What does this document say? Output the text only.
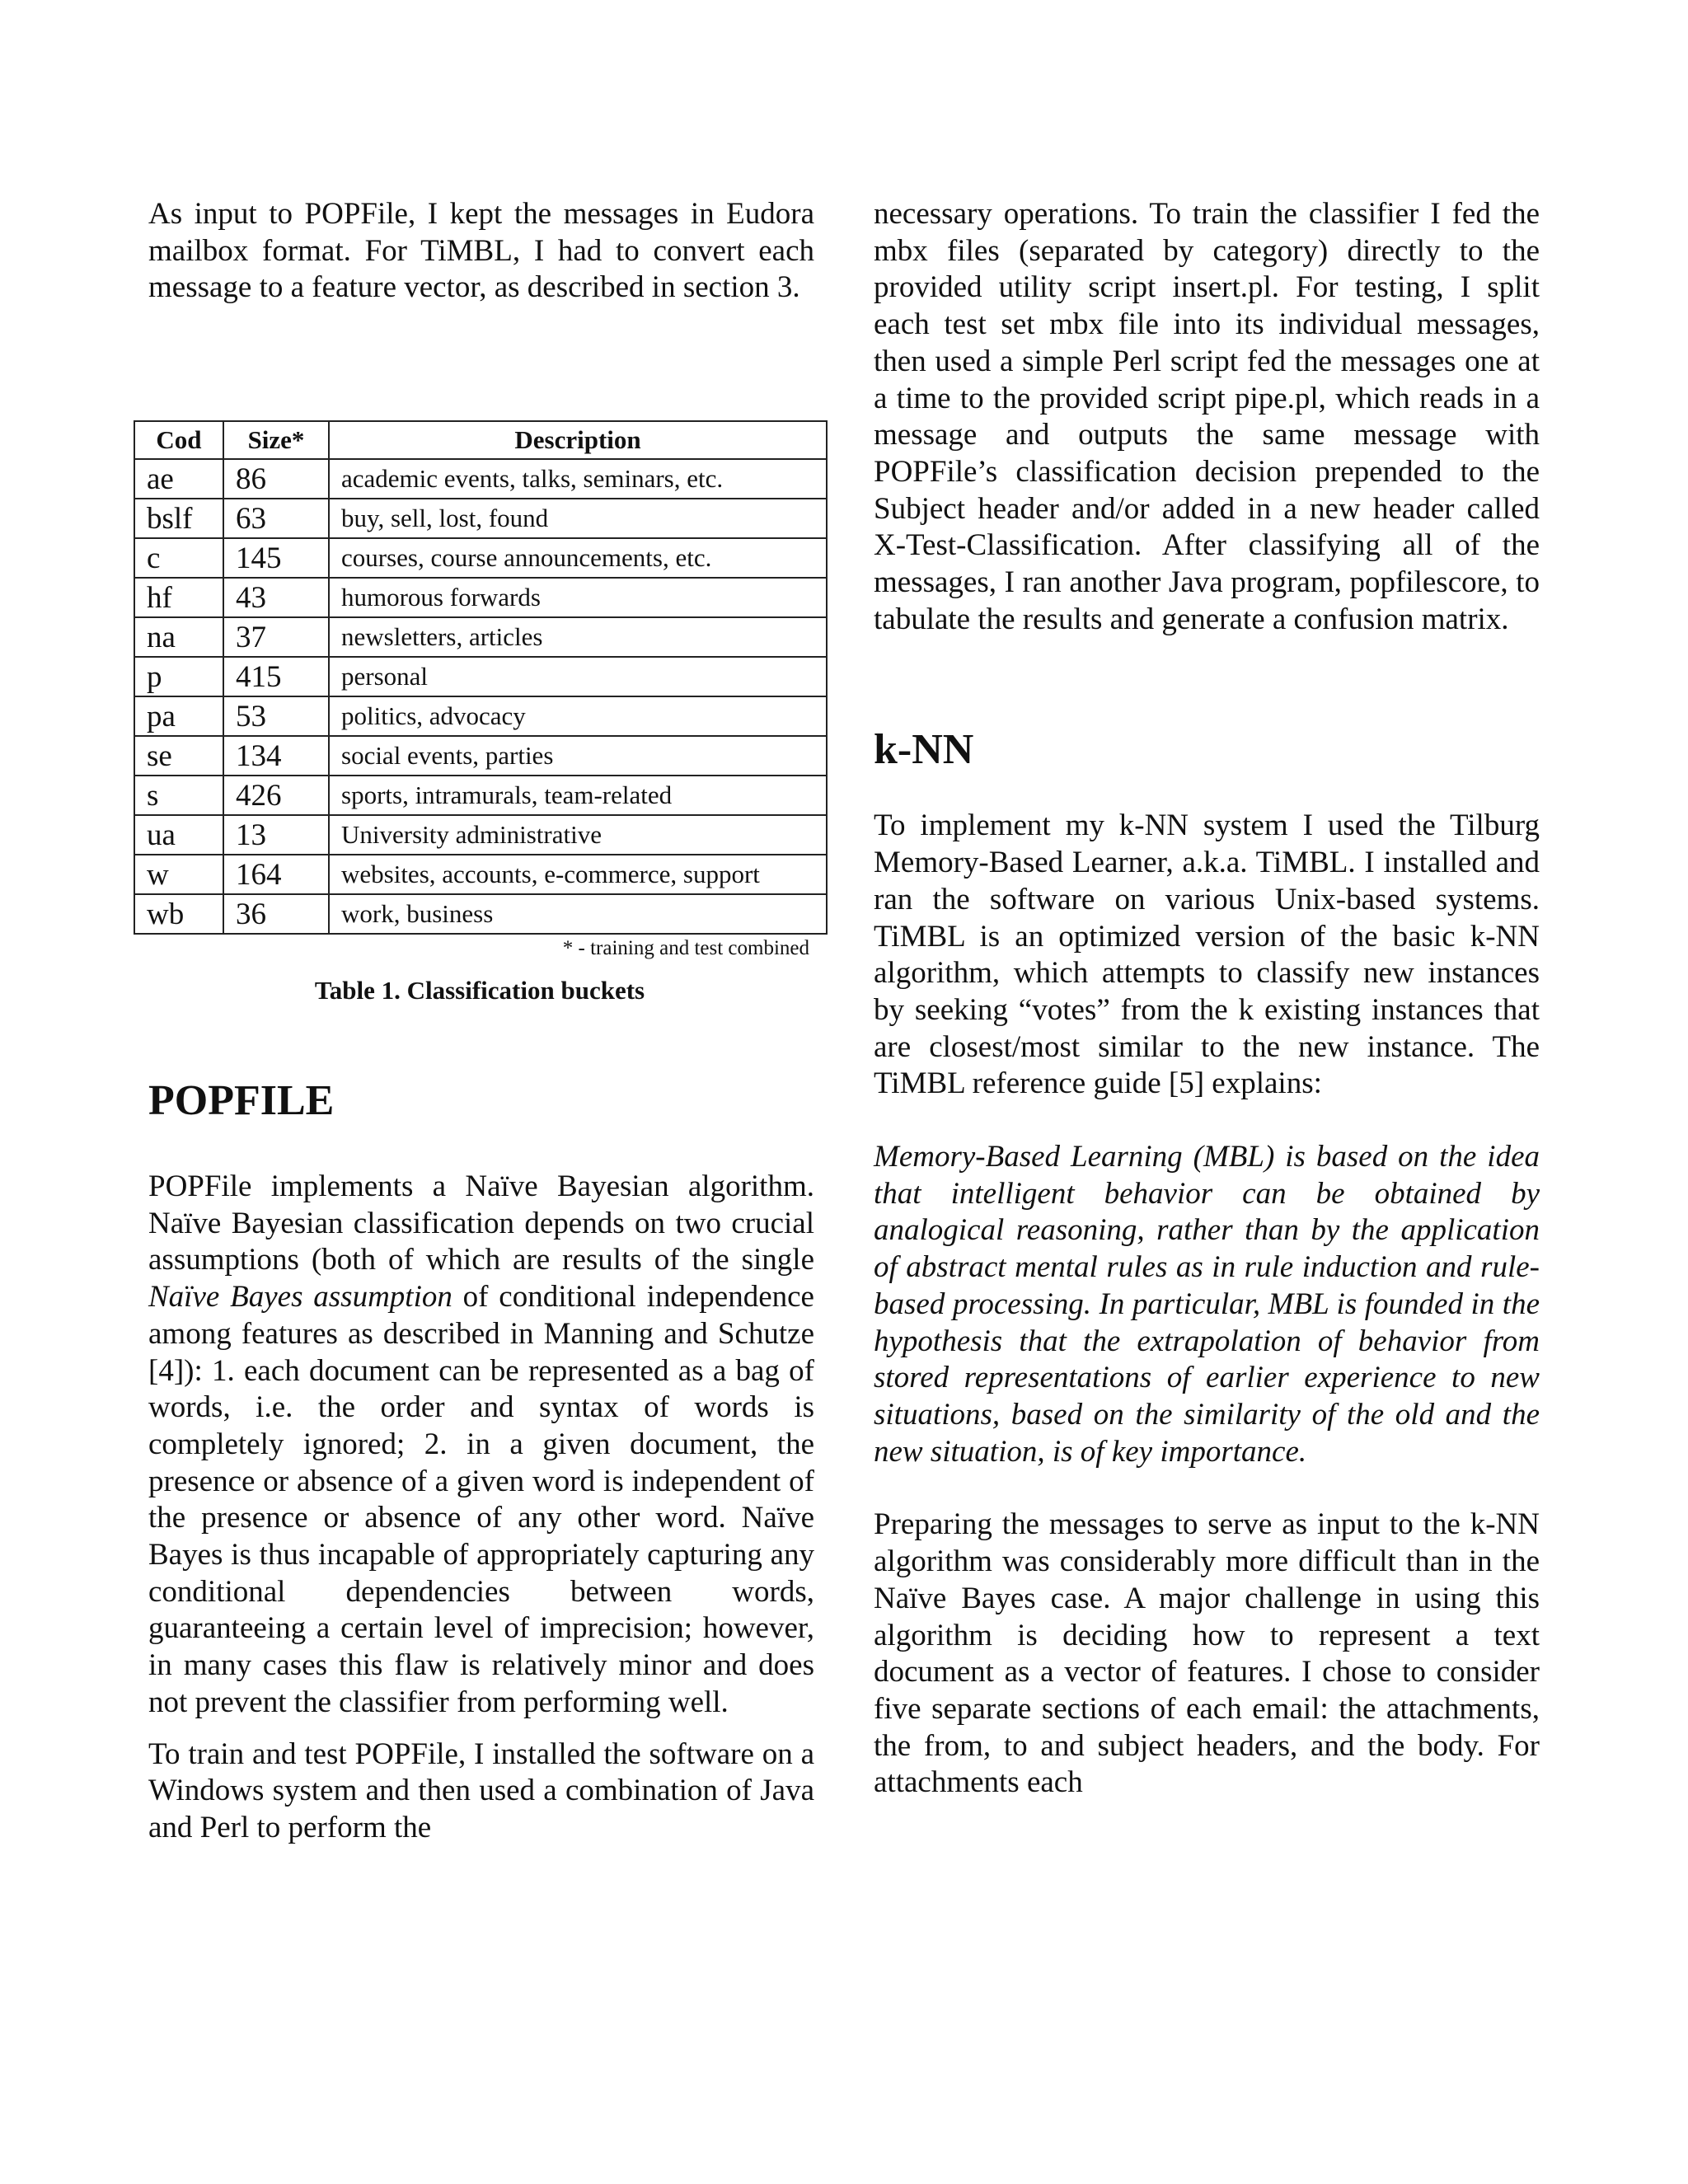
As input to POPFile, I kept the messages in Eudora mailbox format. For TiMBL, I had to convert each message to a feature vector, as described in section 3.

Cod	Size*	Description
ae	86	academic events, talks, seminars, etc.
bslf	63	buy, sell, lost, found
c	145	courses, course announcements, etc.
hf	43	humorous forwards
na	37	newsletters, articles
p	415	personal
pa	53	politics, advocacy
se	134	social events, parties
s	426	sports, intramurals, team-related
ua	13	University administrative
w	164	websites, accounts, e-commerce, support
wb	36	work, business
* - training and test combined
Table 1. Classification buckets
POPFILE

POPFile implements a Naïve Bayesian algorithm. Naïve Bayesian classification depends on two crucial assumptions (both of which are results of the single Naïve Bayes assumption of conditional independence among features as described in Manning and Schutze [4]): 1. each document can be represented as a bag of words, i.e. the order and syntax of words is completely ignored; 2. in a given document, the presence or absence of a given word is independent of the presence or absence of any other word. Naïve Bayes is thus incapable of appropriately capturing any conditional dependencies between words, guaranteeing a certain level of imprecision; however, in many cases this flaw is relatively minor and does not prevent the classifier from performing well.

To train and test POPFile, I installed the software on a Windows system and then used a combination of Java and Perl to perform the

necessary operations. To train the classifier I fed the mbx files (separated by category) directly to the provided utility script insert.pl. For testing, I split each test set mbx file into its individual messages, then used a simple Perl script fed the messages one at a time to the provided script pipe.pl, which reads in a message and outputs the same message with POPFile’s classification decision prepended to the Subject header and/or added in a new header called X-Test-Classification. After classifying all of the messages, I ran another Java program, popfilescore, to tabulate the results and generate a confusion matrix.

k-NN

To implement my k-NN system I used the Tilburg Memory-Based Learner, a.k.a. TiMBL. I installed and ran the software on various Unix-based systems. TiMBL is an optimized version of the basic k-NN algorithm, which attempts to classify new instances by seeking “votes” from the k existing instances that are closest/most similar to the new instance. The TiMBL reference guide [5] explains:

Memory-Based Learning (MBL) is based on the idea that intelligent behavior can be obtained by analogical reasoning, rather than by the application of abstract mental rules as in rule induction and rule-based processing. In particular, MBL is founded in the hypothesis that the extrapolation of behavior from stored representations of earlier experience to new situations, based on the similarity of the old and the new situation, is of key importance.

Preparing the messages to serve as input to the k-NN algorithm was considerably more difficult than in the Naïve Bayes case. A major challenge in using this algorithm is deciding how to represent a text document as a vector of features. I chose to consider five separate sections of each email: the attachments, the from, to and subject headers, and the body. For attachments each
